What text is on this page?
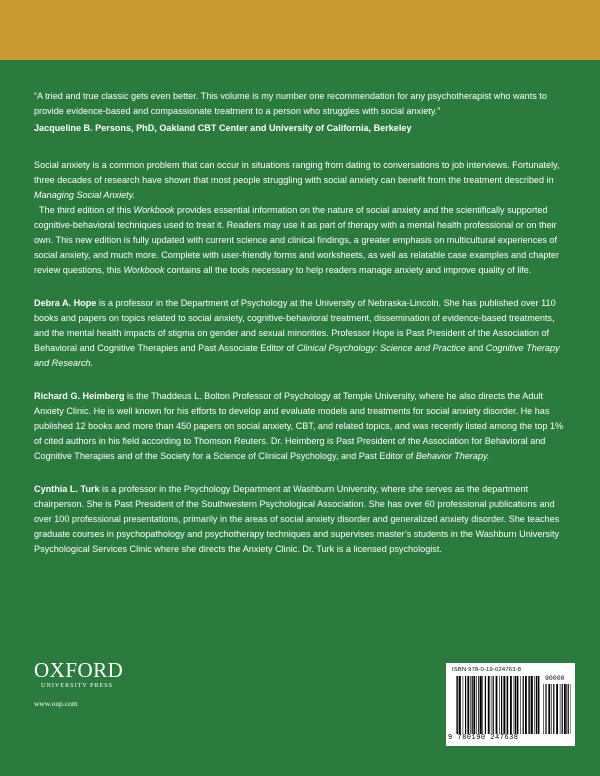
“A tried and true classic gets even better. This volume is my number one recommendation for any psychotherapist who wants to provide evidence-based and compassionate treatment to a person who struggles with social anxiety.”

Jacqueline B. Persons, PhD, Oakland CBT Center and University of California, Berkeley

Social anxiety is a common problem that can occur in situations ranging from dating to conversations to job interviews. Fortunately, three decades of research have shown that most people struggling with social anxiety can benefit from the treatment described in Managing Social Anxiety.

The third edition of this Workbook provides essential information on the nature of social anxiety and the scientifically supported cognitive-behavioral techniques used to treat it. Readers may use it as part of therapy with a mental health professional or on their own. This new edition is fully updated with current science and clinical findings, a greater emphasis on multicultural experiences of social anxiety, and much more. Complete with user-friendly forms and worksheets, as well as relatable case examples and chapter review questions, this Workbook contains all the tools necessary to help readers manage anxiety and improve quality of life.

Debra A. Hope is a professor in the Department of Psychology at the University of Nebraska-Lincoln. She has published over 110 books and papers on topics related to social anxiety, cognitive-behavioral treatment, dissemination of evidence-based treatments, and the mental health impacts of stigma on gender and sexual minorities. Professor Hope is Past President of the Association of Behavioral and Cognitive Therapies and Past Associate Editor of Clinical Psychology: Science and Practice and Cognitive Therapy and Research.

Richard G. Heimberg is the Thaddeus L. Bolton Professor of Psychology at Temple University, where he also directs the Adult Anxiety Clinic. He is well known for his efforts to develop and evaluate models and treatments for social anxiety disorder. He has published 12 books and more than 450 papers on social anxiety, CBT, and related topics, and was recently listed among the top 1% of cited authors in his field according to Thomson Reuters. Dr. Heimberg is Past President of the Association for Behavioral and Cognitive Therapies and of the Society for a Science of Clinical Psychology, and Past Editor of Behavior Therapy.

Cynthia L. Turk is a professor in the Psychology Department at Washburn University, where she serves as the department chairperson. She is Past President of the Southwestern Psychological Association. She has over 60 professional publications and over 100 professional presentations, primarily in the areas of social anxiety disorder and generalized anxiety disorder. She teaches graduate courses in psychopathology and psychotherapy techniques and supervises master’s students in the Washburn University Psychological Services Clinic where she directs the Anxiety Clinic. Dr. Turk is a licensed psychologist.

OXFORD
UNIVERSITY PRESS
www.oup.com
ISBN 978-0-19-024763-8
90000
9 780190 247638
